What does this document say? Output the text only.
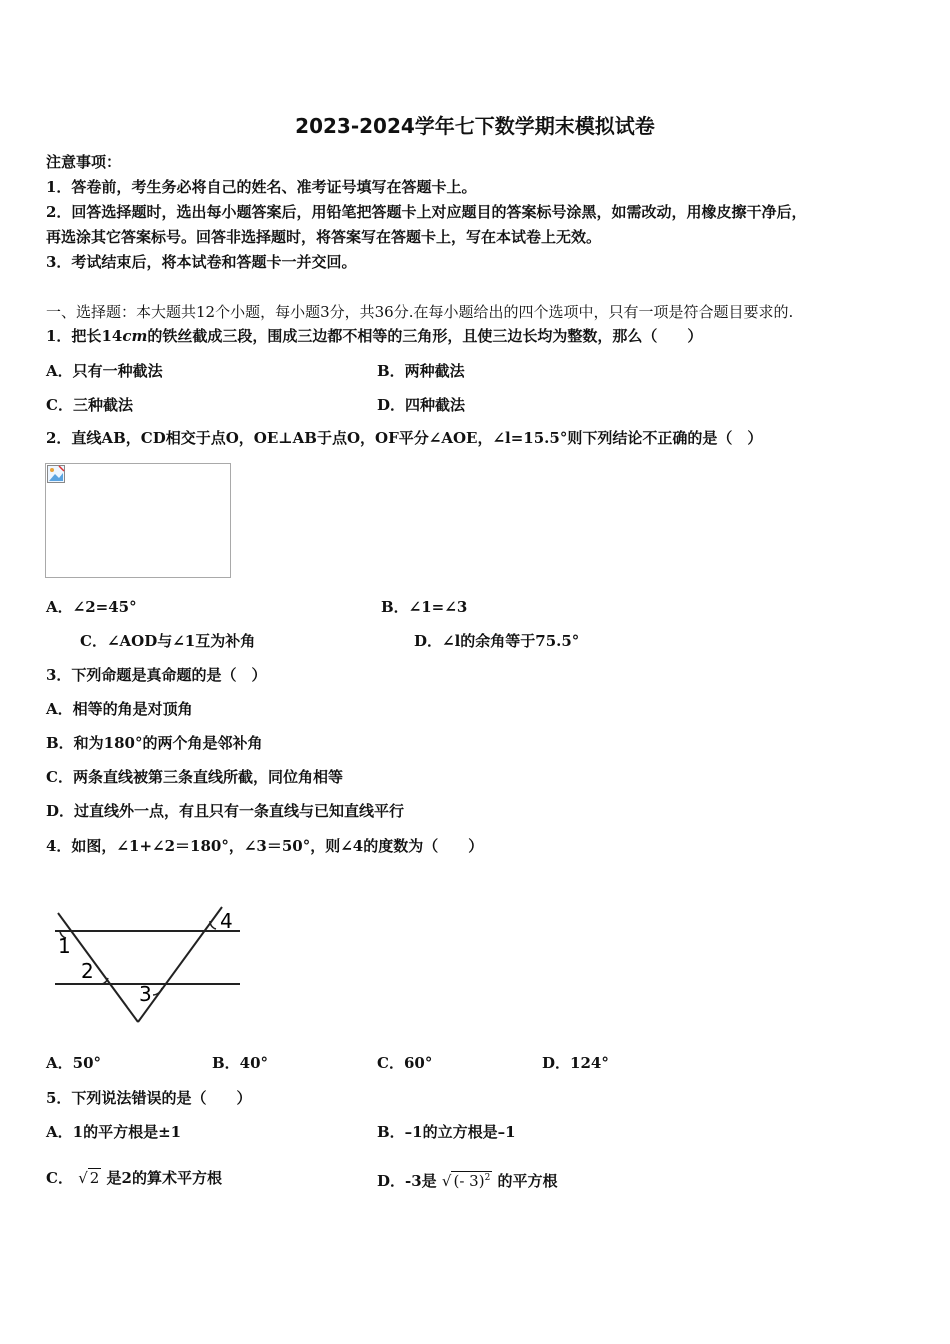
2023-2024学年七下数学期末模拟试卷
注意事项：
1．答卷前，考生务必将自己的姓名、准考证号填写在答题卡上。
2．回答选择题时，选出每小题答案后，用铅笔把答题卡上对应题目的答案标号涂黑，如需改动，用橡皮擦干净后，
再选涂其它答案标号。回答非选择题时，将答案写在答题卡上，写在本试卷上无效。
3．考试结束后，将本试卷和答题卡一并交回。
一、选择题：本大题共12个小题，每小题3分，共36分.在每小题给出的四个选项中，只有一项是符合题目要求的.
1．把长14cm的铁丝截成三段，围成三边都不相等的三角形，且使三边长均为整数，那么（　　）
A．只有一种截法	B．两种截法
C．三种截法	D．四种截法
2．直线AB，CD相交于点O，OE⊥AB于点O，OF平分∠AOE，∠l=15.5°则下列结论不正确的是（　）
A．∠2=45°	B．∠1=∠3
C．∠AOD与∠1互为补角	D．∠l的余角等于75.5°
3．下列命题是真命题的是（　）
A．相等的角是对顶角
B．和为180°的两个角是邻补角
C．两条直线被第三条直线所截，同位角相等
D．过直线外一点，有且只有一条直线与已知直线平行
4．如图，∠1+∠2＝180°，∠3＝50°，则∠4的度数为（　　）
1
2
3
4
A．50°	B．40°	C．60°	D．124°
5．下列说法错误的是（　　）
A．1的平方根是±1	B．–1的立方根是–1
C． √ 2 是2的算术平方根	D．-3是 √ (- 3)$^2$ 的平方根
